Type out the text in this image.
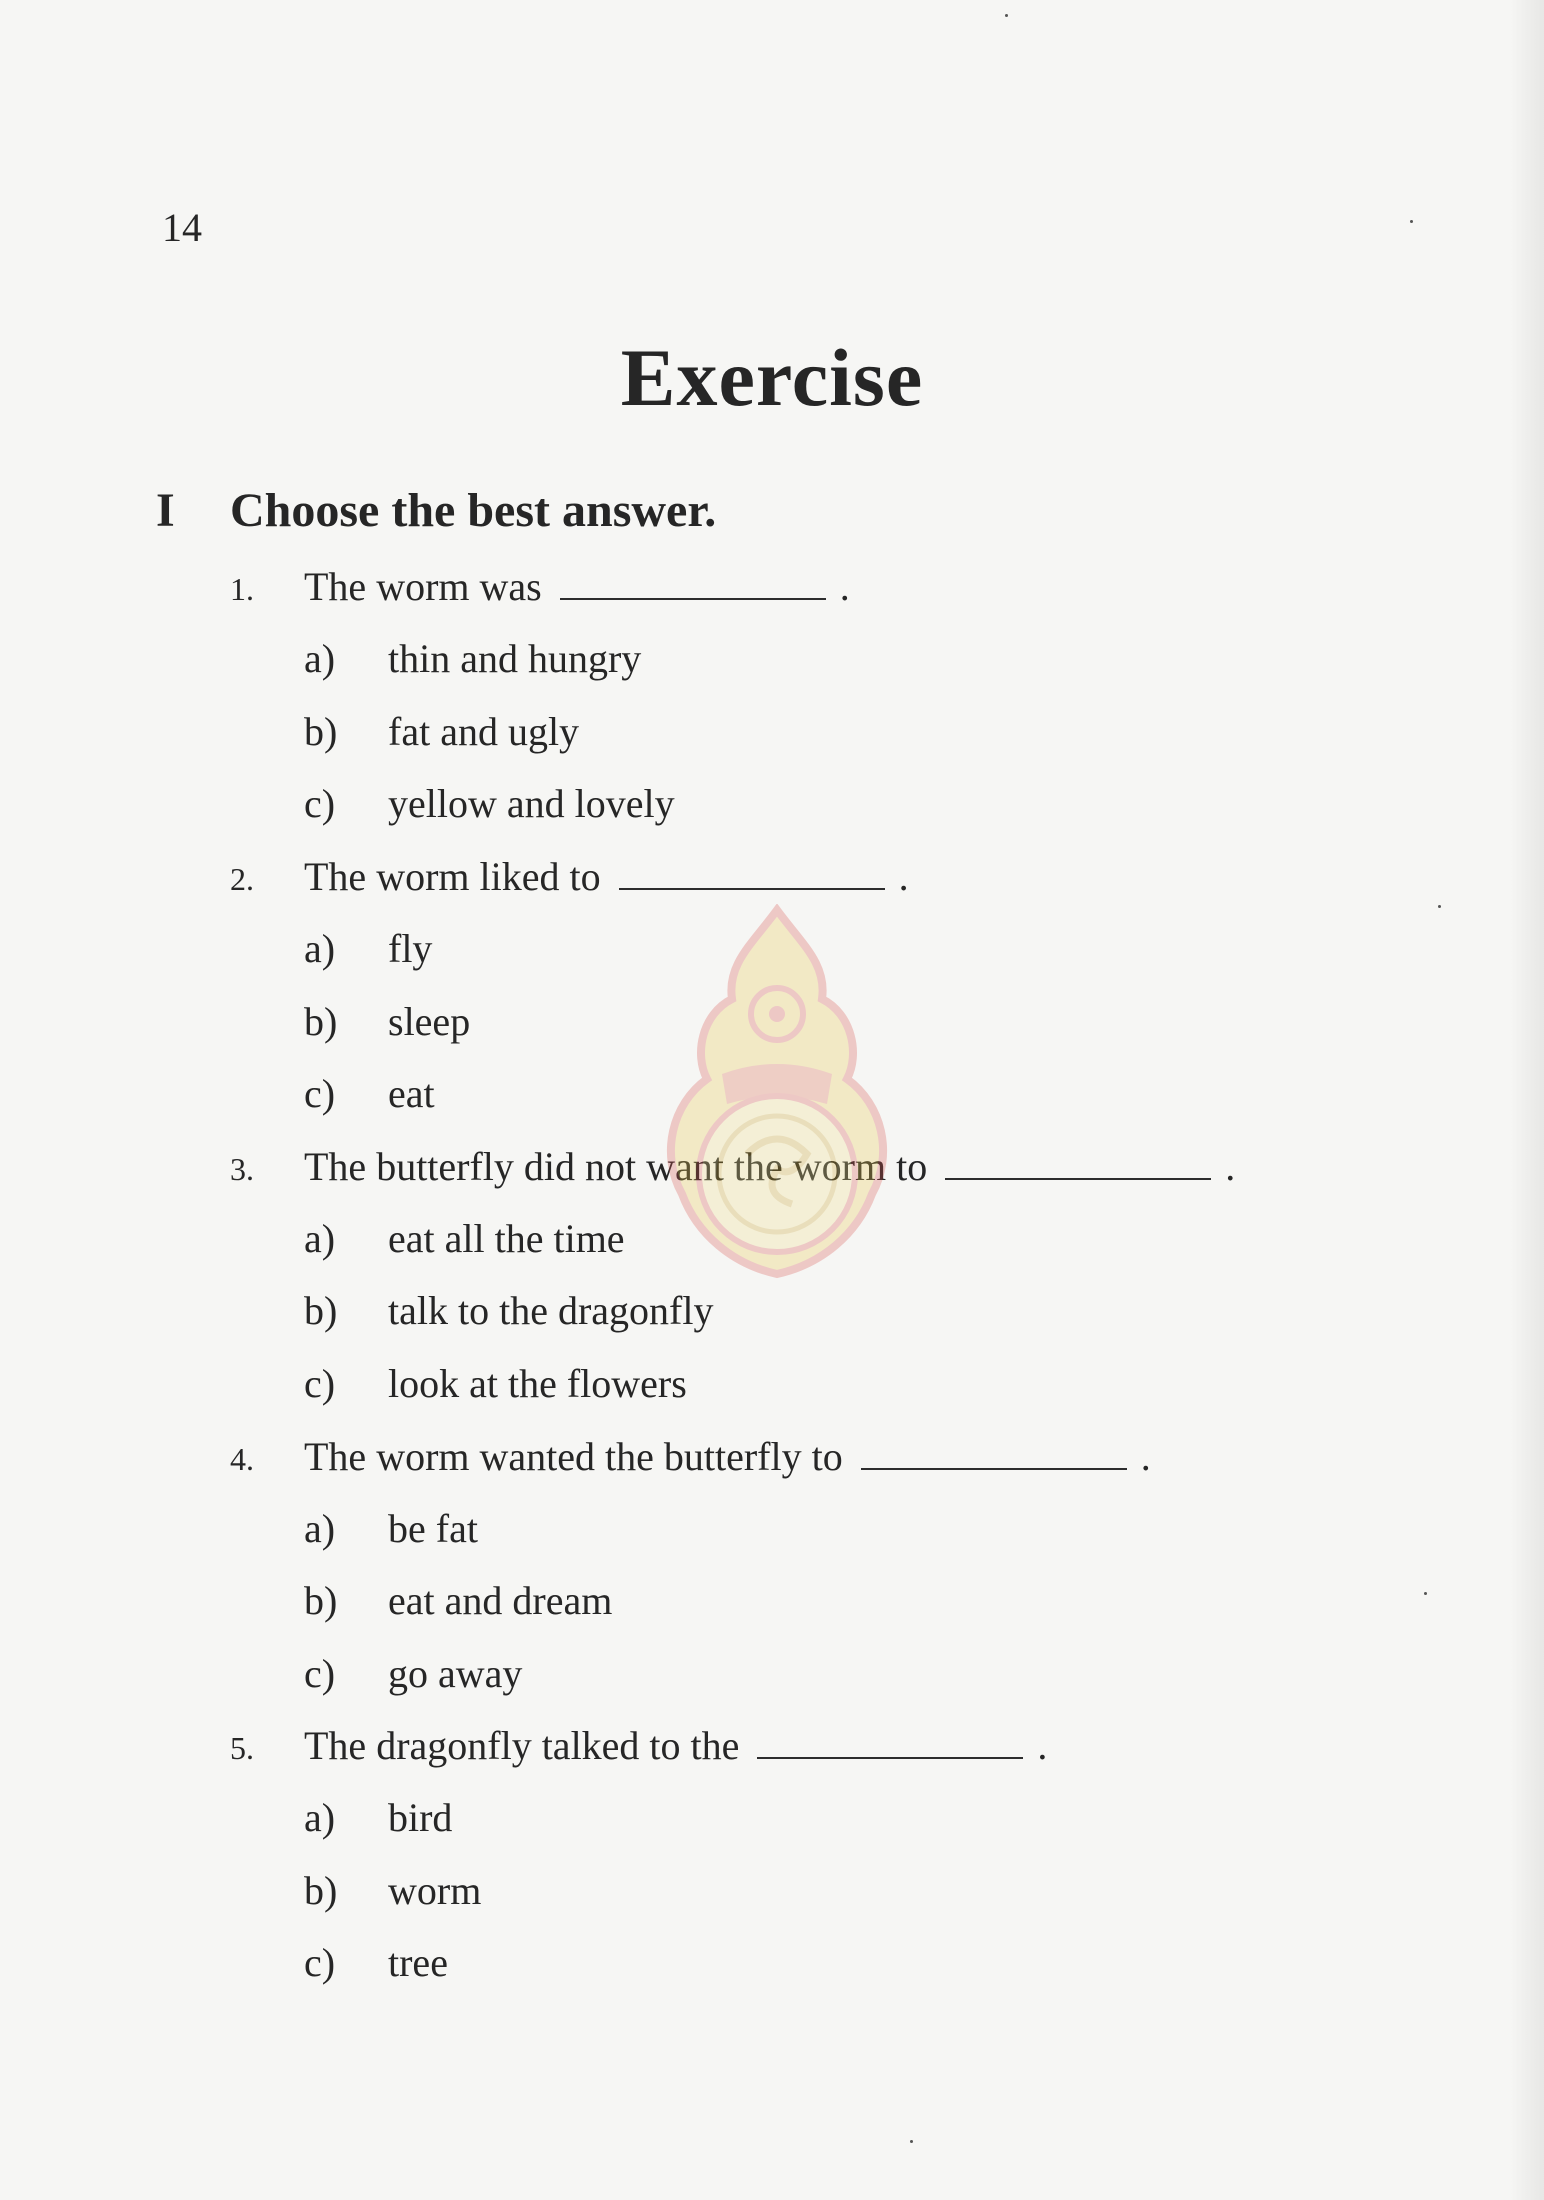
14
Exercise
I Choose the best answer.
1. The worm was	.
a) thin and hungry
b) fat and ugly
c) yellow and lovely
2. The worm liked to	.
a) fly
b) sleep
c) eat
3. The butterfly did not want the worm to	.
a) eat all the time
b) talk to the dragonfly
c) look at the flowers
4. The worm wanted the butterfly to	.
a) be fat
b) eat and dream
c) go away
5. The dragonfly talked to the	.
a) bird
b) worm
c) tree
